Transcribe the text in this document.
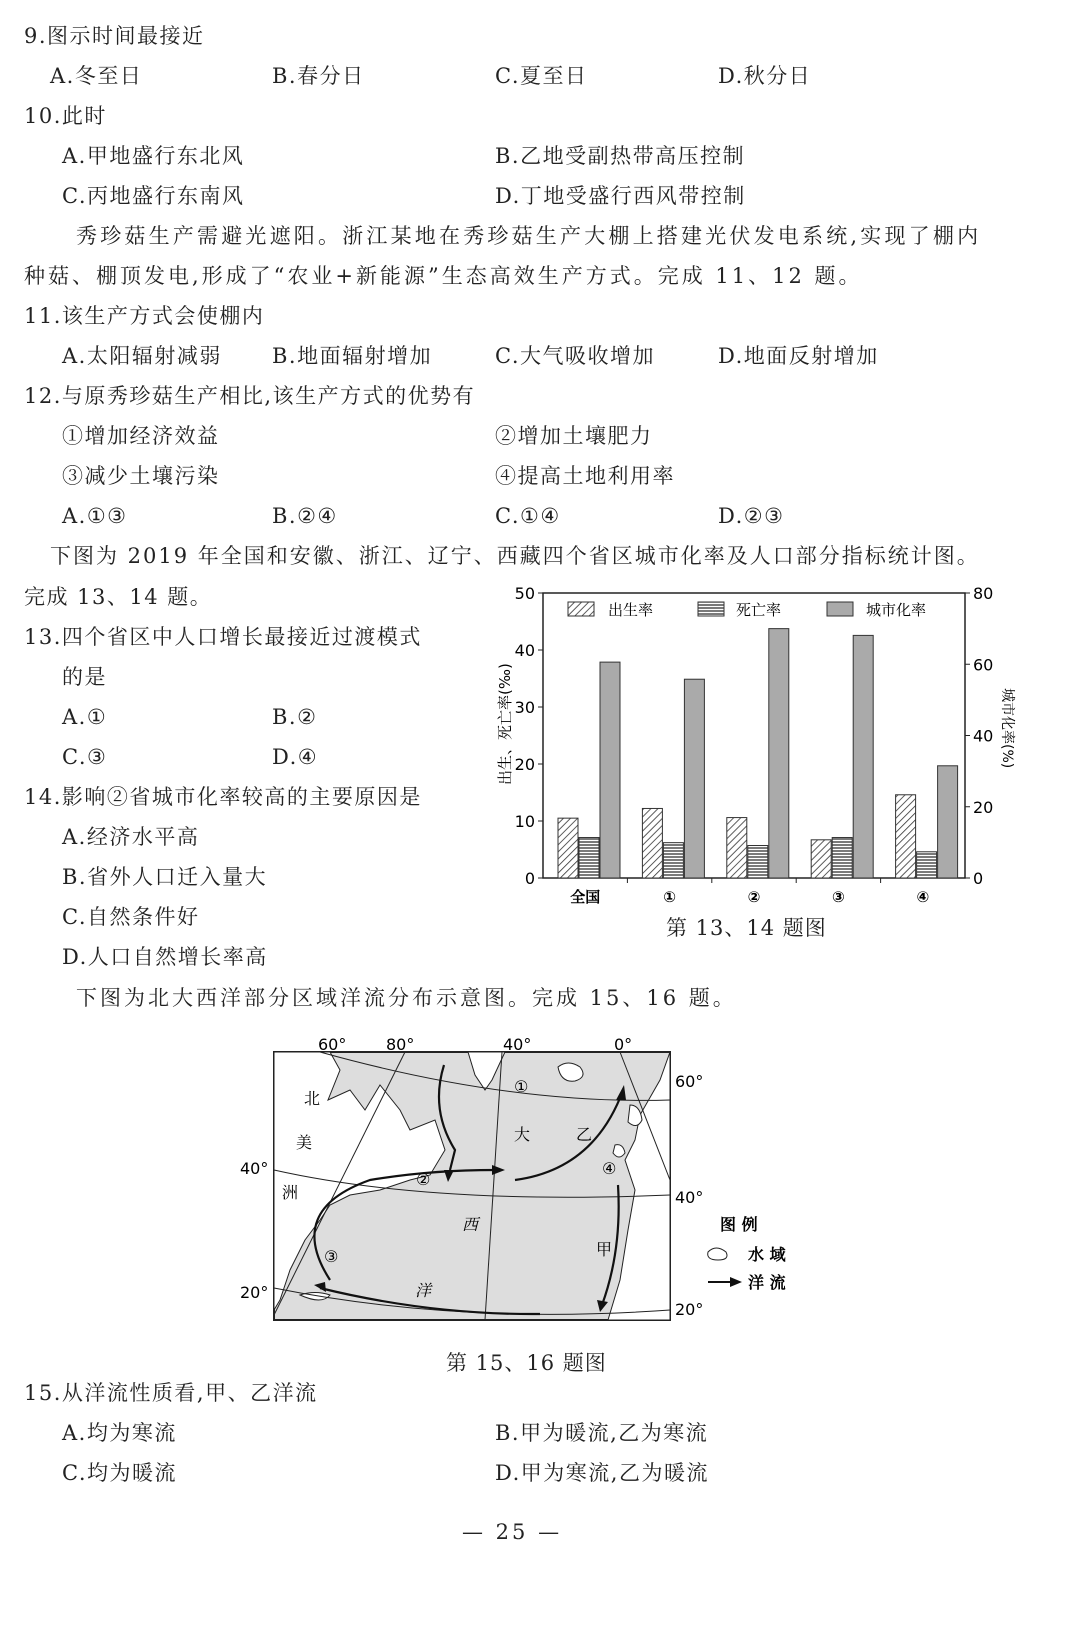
9.图示时间最接近
A.冬至日	B.春分日	C.夏至日	D.秋分日
10.此时
A.甲地盛行东北风	B.乙地受副热带高压控制
C.丙地盛行东南风	D.丁地受盛行西风带控制
秀珍菇生产需避光遮阳。浙江某地在秀珍菇生产大棚上搭建光伏发电系统,实现了棚内
种菇、棚顶发电,形成了“农业+新能源”生态高效生产方式。完成 11、12 题。
11.该生产方式会使棚内
A.太阳辐射减弱 B.地面辐射增加	C.大气吸收增加	D.地面反射增加
12.与原秀珍菇生产相比,该生产方式的优势有
①增加经济效益	②增加土壤肥力
③减少土壤污染	④提高土地利用率
A.①③	B.②④	C.①④	D.②③
下图为 2019 年全国和安徽、浙江、辽宁、西藏四个省区城市化率及人口部分指标统计图。
完成 13、14 题。
13.四个省区中人口增长最接近过渡模式
的是
A.①	B.②
C.③	D.④
14.影响②省城市化率较高的主要原因是
A.经济水平高
B.省外人口迁入量大
C.自然条件好
D.人口自然增长率高
全国	①	②	③	④
0
10
20
30
40
50
0
20
40
60
80
出生率	死亡率	城市化率
出生、死亡率(‰)	城市化率(%)
第 13、14 题图
下图为北大西洋部分区域洋流分布示意图。完成 15、16 题。
60° 80°	40°	0°
60°
40°
20°
40°
20°
北
美
洲
大
西
洋
甲
乙
①
②
③
④
图 例
水 域
洋 流
第 15、16 题图
15.从洋流性质看,甲、乙洋流
A.均为寒流	B.甲为暖流,乙为寒流
C.均为暖流	D.甲为寒流,乙为暖流
— 25 —
